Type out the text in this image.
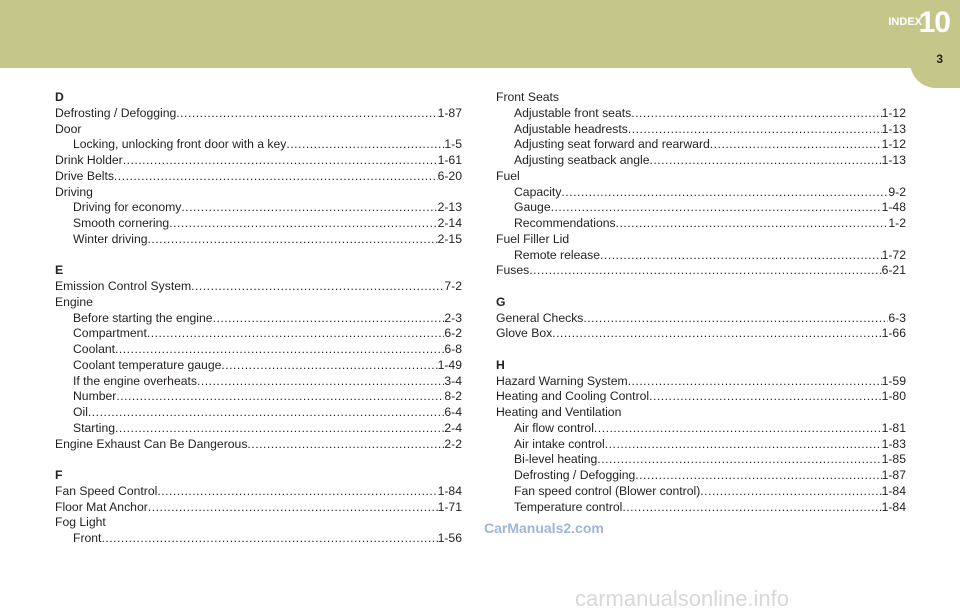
INDEX
10
3
D
Defrosting / Defogging .....	1-87
Door
Locking, unlocking front door with a key .....	1-5
Drink Holder .....	1-61
Drive Belts .....	6-20
Driving
Driving for economy .....	2-13
Smooth cornering .....	2-14
Winter driving .....	2-15
E
Emission Control System .....	7-2
Engine
Before starting the engine .....	2-3
Compartment .....	6-2
Coolant .....	6-8
Coolant temperature gauge .....	1-49
If the engine overheats .....	3-4
Number .....	8-2
Oil .....	6-4
Starting .....	2-4
Engine Exhaust Can Be Dangerous .....	2-2
F
Fan Speed Control .....	1-84
Floor Mat Anchor .....	1-71
Fog Light
Front .....	1-56
Front Seats
Adjustable front seats .....	1-12
Adjustable headrests .....	1-13
Adjusting seat forward and rearward .....	1-12
Adjusting seatback angle .....	1-13
Fuel
Capacity .....	9-2
Gauge .....	1-48
Recommendations .....	1-2
Fuel Filler Lid
Remote release .....	1-72
Fuses .....	6-21
G
General Checks .....	6-3
Glove Box .....	1-66
H
Hazard Warning System .....	1-59
Heating and Cooling Control .....	1-80
Heating and Ventilation
Air flow control .....	1-81
Air intake control .....	1-83
Bi-level heating .....	1-85
Defrosting / Defogging .....	1-87
Fan speed control (Blower control) .....	1-84
Temperature control .....	1-84
CarManuals2.com
carmanualsonline.info
